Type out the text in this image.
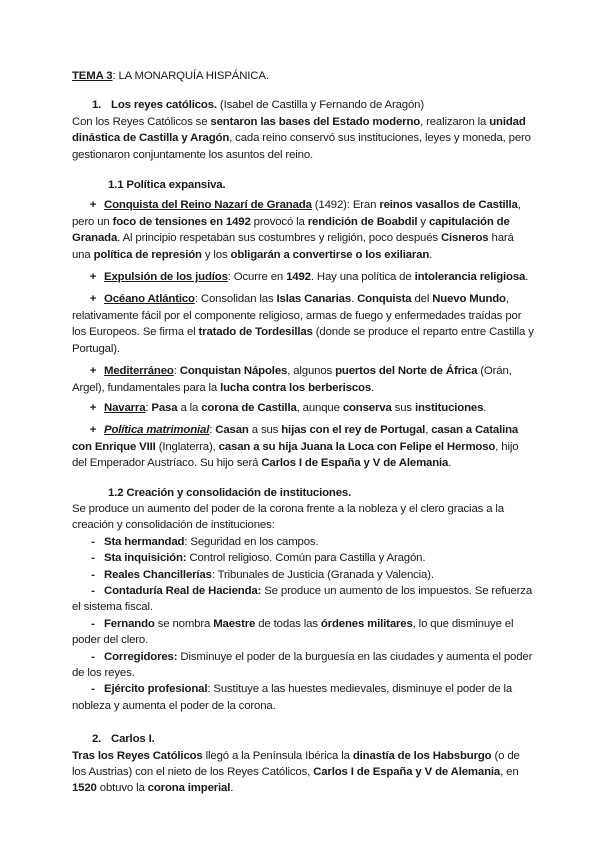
TEMA 3: LA MONARQUÍA HISPÁNICA.

1. Los reyes católicos. (Isabel de Castilla y Fernando de Aragón)

Con los Reyes Católicos se sentaron las bases del Estado moderno, realizaron la unidad dinástica de Castilla y Aragón, cada reino conservó sus instituciones, leyes y moneda, pero gestionaron conjuntamente los asuntos del reino.

1.1 Política expansiva.

+ Conquista del Reino Nazarí de Granada (1492): Eran reinos vasallos de Castilla, pero un foco de tensiones en 1492 provocó la rendición de Boabdil y capitulación de Granada. Al principio respetaban sus costumbres y religión, poco después Cisneros hará una política de represión y los obligarán a convertirse o los exiliaran.

+ Expulsión de los judíos: Ocurre en 1492. Hay una política de intolerancia religiosa.

+ Océano Atlántico: Consolidan las Islas Canarias. Conquista del Nuevo Mundo, relativamente fácil por el componente religioso, armas de fuego y enfermedades traídas por los Europeos. Se firma el tratado de Tordesillas (donde se produce el reparto entre Castilla y Portugal).

+ Mediterráneo: Conquistan Nápoles, algunos puertos del Norte de África (Orán, Argel), fundamentales para la lucha contra los berberiscos.

+ Navarra: Pasa a la corona de Castilla, aunque conserva sus instituciones.

+ Política matrimonial: Casan a sus hijas con el rey de Portugal, casan a Catalina con Enrique VIII (Inglaterra), casan a su hija Juana la Loca con Felipe el Hermoso, hijo del Emperador Austríaco. Su hijo será Carlos I de España y V de Alemania.

1.2 Creación y consolidación de instituciones.

Se produce un aumento del poder de la corona frente a la nobleza y el clero gracias a la creación y consolidación de instituciones:

- Sta hermandad: Seguridad en los campos.

- Sta inquisición: Control religioso. Común para Castilla y Aragón.

- Reales Chancillerías: Tribunales de Justicia (Granada y Valencia).

- Contaduría Real de Hacienda: Se produce un aumento de los impuestos. Se refuerza el sistema fiscal.

- Fernando se nombra Maestre de todas las órdenes militares, lo que disminuye el poder del clero.

- Corregidores: Disminuye el poder de la burguesía en las ciudades y aumenta el poder de los reyes.

- Ejército profesional: Sustituye a las huestes medievales, disminuye el poder de la nobleza y aumenta el poder de la corona.

2. Carlos I.

Tras los Reyes Católicos llegó a la Península Ibérica la dinastía de los Habsburgo (o de los Austrias) con el nieto de los Reyes Católicos, Carlos I de España y V de Alemania, en 1520 obtuvo la corona imperial.
